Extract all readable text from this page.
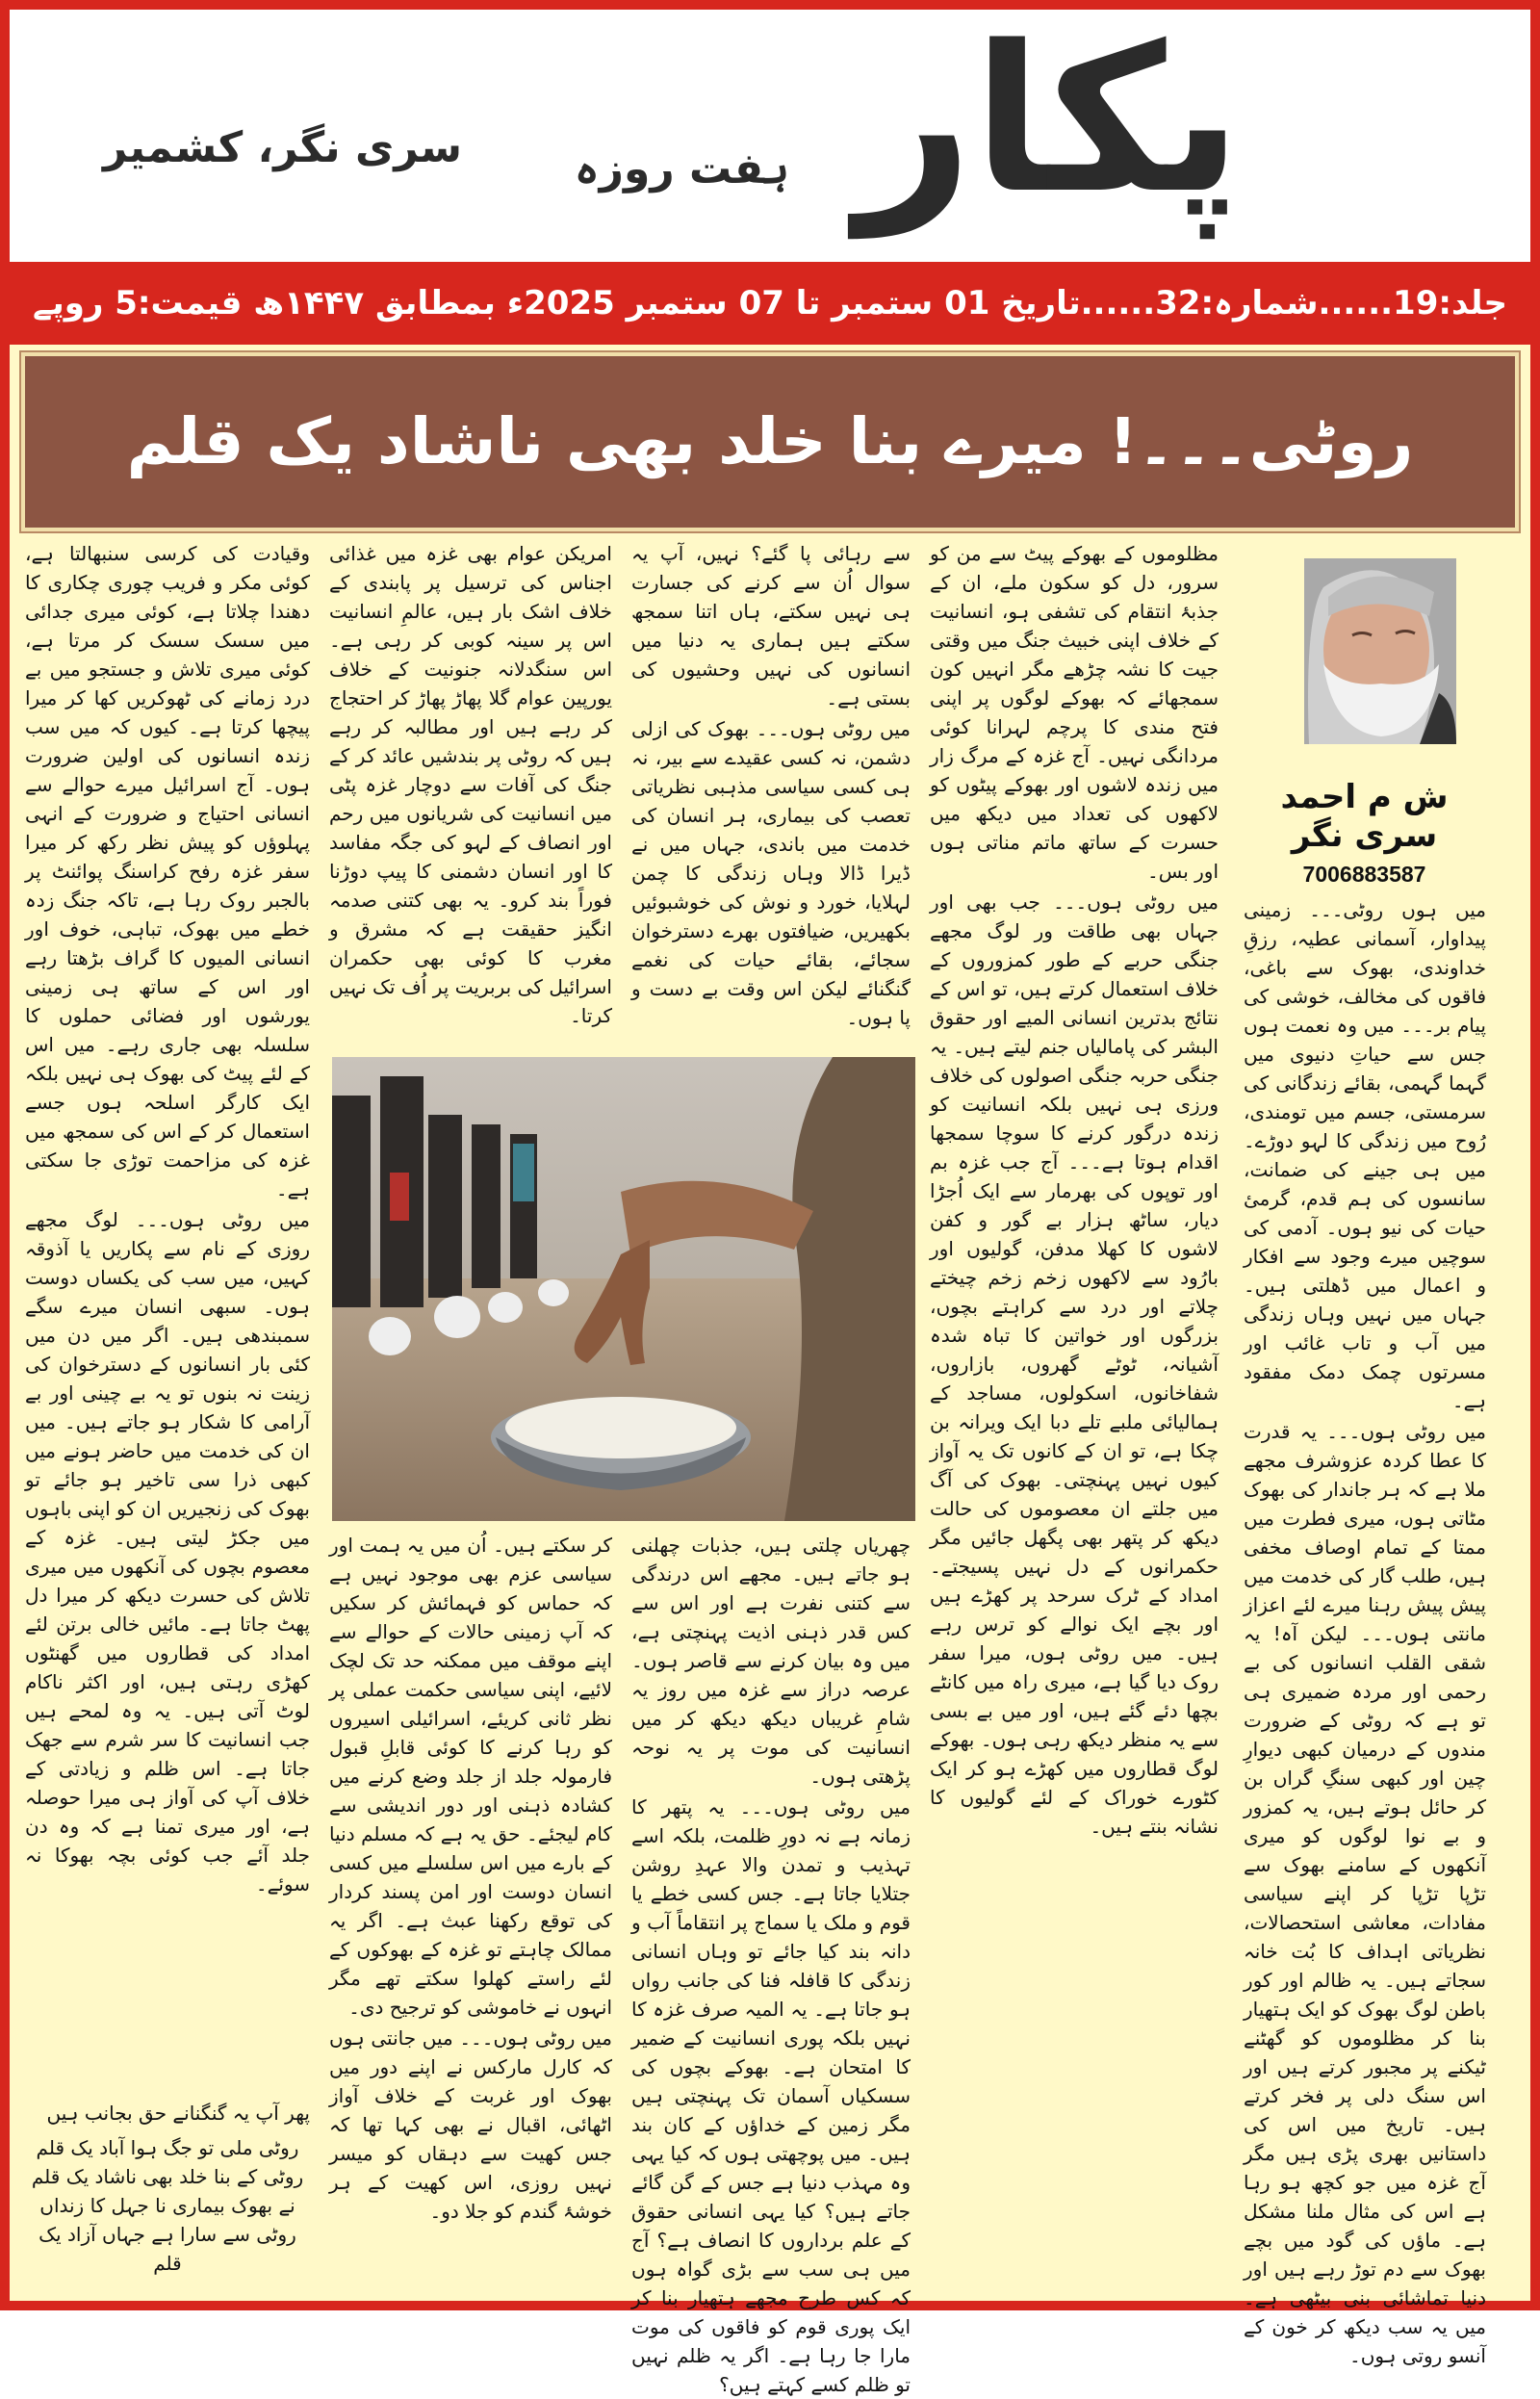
پکار
ہفت روزہ
سری نگر، کشمیر
جلد:19......شمارہ:32......تاریخ 01 ستمبر تا 07 ستمبر 2025ء بمطابق ۱۴۴۷ھ قیمت:5 روپے
روٹی۔۔۔! میرے بنا خلد بھی ناشاد یک قلم
ش م احمد سری نگر
7006883587

میں ہوں روٹی۔۔۔ زمینی پیداوار، آسمانی عطیہ، رزقِ خداوندی، بھوک سے باغی، فاقوں کی مخالف، خوشی کی پیام بر۔۔۔ میں وہ نعمت ہوں جس سے حیاتِ دنیوی میں گہما گہمی، بقائے زندگانی کی سرمستی، جسم میں تومندی، رُوح میں زندگی کا لہو دوڑے۔ میں ہی جینے کی ضمانت، سانسوں کی ہم قدم، گرمیٔ حیات کی نیو ہوں۔ آدمی کی سوچیں میرے وجود سے افکار و اعمال میں ڈھلتی ہیں۔ جہاں میں نہیں وہاں زندگی میں آب و تاب غائب اور مسرتوں چمک دمک مفقود ہے۔

میں روٹی ہوں۔۔۔ یہ قدرت کا عطا کردہ عزوشرف مجھے ملا ہے کہ ہر جاندار کی بھوک مٹاتی ہوں، میری فطرت میں ممتا کے تمام اوصاف مخفی ہیں، طلب گار کی خدمت میں پیش پیش رہنا میرے لئے اعزاز مانتی ہوں۔۔۔ لیکن آہ! یہ شقی القلب انسانوں کی بے رحمی اور مردہ ضمیری ہی تو ہے کہ روٹی کے ضرورت مندوں کے درمیان کبھی دیوارِ چین اور کبھی سنگِ گراں بن کر حائل ہوتے ہیں، یہ کمزور و بے نوا لوگوں کو میری آنکھوں کے سامنے بھوک سے تڑپا تڑپا کر اپنے سیاسی مفادات، معاشی استحصالات، نظریاتی اہداف کا بُت خانہ سجاتے ہیں۔ یہ ظالم اور کور باطن لوگ بھوک کو ایک ہتھیار بنا کر مظلوموں کو گھٹنے ٹیکنے پر مجبور کرتے ہیں اور اس سنگ دلی پر فخر کرتے ہیں۔ تاریخ میں اس کی داستانیں بھری پڑی ہیں مگر آج غزہ میں جو کچھ ہو رہا ہے اس کی مثال ملنا مشکل ہے۔ ماؤں کی گود میں بچے بھوک سے دم توڑ رہے ہیں اور دنیا تماشائی بنی بیٹھی ہے۔ میں یہ سب دیکھ کر خون کے آنسو روتی ہوں۔

مظلوموں کے بھوکے پیٹ سے من کو سرور، دل کو سکون ملے، ان کے جذبۂ انتقام کی تشفی ہو، انسانیت کے خلاف اپنی خبیث جنگ میں وقتی جیت کا نشہ چڑھے مگر انہیں کون سمجھائے کہ بھوکے لوگوں پر اپنی فتح مندی کا پرچم لہرانا کوئی مردانگی نہیں۔ آج غزہ کے مرگ زار میں زندہ لاشوں اور بھوکے پیٹوں کو لاکھوں کی تعداد میں دیکھ میں حسرت کے ساتھ ماتم مناتی ہوں اور بس۔

میں روٹی ہوں۔۔۔ جب بھی اور جہاں بھی طاقت ور لوگ مجھے جنگی حربے کے طور کمزوروں کے خلاف استعمال کرتے ہیں، تو اس کے نتائج بدترین انسانی المیے اور حقوق البشر کی پامالیاں جنم لیتے ہیں۔ یہ جنگی حربہ جنگی اصولوں کی خلاف ورزی ہی نہیں بلکہ انسانیت کو زندہ درگور کرنے کا سوچا سمجھا اقدام ہوتا ہے۔۔۔ آج جب غزہ بم اور توپوں کی بھرمار سے ایک اُجڑا دیار، ساٹھ ہزار بے گور و کفن لاشوں کا کھلا مدفن، گولیوں اور بارُود سے لاکھوں زخم زخم چیختے چلاتے اور درد سے کراہتے بچوں، بزرگوں اور خواتین کا تباہ شدہ آشیانہ، ٹوٹے گھروں، بازاروں، شفاخانوں، اسکولوں، مساجد کے ہمالیائی ملبے تلے دبا ایک ویرانہ بن چکا ہے، تو ان کے کانوں تک یہ آواز کیوں نہیں پہنچتی۔ بھوک کی آگ میں جلتے ان معصوموں کی حالت دیکھ کر پتھر بھی پگھل جائیں مگر حکمرانوں کے دل نہیں پسیجتے۔ امداد کے ٹرک سرحد پر کھڑے ہیں اور بچے ایک نوالے کو ترس رہے ہیں۔ میں روٹی ہوں، میرا سفر روک دیا گیا ہے، میری راہ میں کانٹے بچھا دئے گئے ہیں، اور میں بے بسی سے یہ منظر دیکھ رہی ہوں۔ بھوکے لوگ قطاروں میں کھڑے ہو کر ایک کٹورے خوراک کے لئے گولیوں کا نشانہ بنتے ہیں۔

سے رہائی پا گئے؟ نہیں، آپ یہ سوال اُن سے کرنے کی جسارت ہی نہیں سکتے، ہاں اتنا سمجھ سکتے ہیں ہماری یہ دنیا میں انسانوں کی نہیں وحشیوں کی بستی ہے۔

میں روٹی ہوں۔۔۔ بھوک کی ازلی دشمن، نہ کسی عقیدے سے بیر، نہ ہی کسی سیاسی مذہبی نظریاتی تعصب کی بیماری، ہر انسان کی خدمت میں باندی، جہاں میں نے ڈیرا ڈالا وہاں زندگی کا چمن لہلایا، خورد و نوش کی خوشبوئیں بکھیریں، ضیافتوں بھرے دسترخوان سجائے، بقائے حیات کی نغمے گنگنائے لیکن اس وقت بے دست و پا ہوں۔

امریکن عوام بھی غزہ میں غذائی اجناس کی ترسیل پر پابندی کے خلاف اشک بار ہیں، عالمِ انسانیت اس پر سینہ کوبی کر رہی ہے۔ اس سنگدلانہ جنونیت کے خلاف یورپین عوام گلا پھاڑ پھاڑ کر احتجاج کر رہے ہیں اور مطالبہ کر رہے ہیں کہ روٹی پر بندشیں عائد کر کے جنگ کی آفات سے دوچار غزہ پٹی میں انسانیت کی شریانوں میں رحم اور انصاف کے لہو کی جگہ مفاسد کا اور انسان دشمنی کا پیپ دوڑنا فوراً بند کرو۔ یہ بھی کتنی صدمہ انگیز حقیقت ہے کہ مشرق و مغرب کا کوئی بھی حکمران اسرائیل کی بربریت پر اُف تک نہیں کرتا۔

چھریاں چلتی ہیں، جذبات چھلنی ہو جاتے ہیں۔ مجھے اس درندگی سے کتنی نفرت ہے اور اس سے کس قدر ذہنی اذیت پہنچتی ہے، میں وہ بیان کرنے سے قاصر ہوں۔ عرصہ دراز سے غزہ میں روز یہ شامِ غریباں دیکھ دیکھ کر میں انسانیت کی موت پر یہ نوحہ پڑھتی ہوں۔

میں روٹی ہوں۔۔۔ یہ پتھر کا زمانہ ہے نہ دورِ ظلمت، بلکہ اسے تہذیب و تمدن والا عہدِ روشن جتلایا جاتا ہے۔ جس کسی خطے یا قوم و ملک یا سماج پر انتقاماً آب و دانہ بند کیا جائے تو وہاں انسانی زندگی کا قافلہ فنا کی جانب رواں ہو جاتا ہے۔ یہ المیہ صرف غزہ کا نہیں بلکہ پوری انسانیت کے ضمیر کا امتحان ہے۔ بھوکے بچوں کی سسکیاں آسمان تک پہنچتی ہیں مگر زمین کے خداؤں کے کان بند ہیں۔ میں پوچھتی ہوں کہ کیا یہی وہ مہذب دنیا ہے جس کے گن گائے جاتے ہیں؟ کیا یہی انسانی حقوق کے علم برداروں کا انصاف ہے؟ آج میں ہی سب سے بڑی گواہ ہوں کہ کس طرح مجھے ہتھیار بنا کر ایک پوری قوم کو فاقوں کی موت مارا جا رہا ہے۔ اگر یہ ظلم نہیں تو ظلم کسے کہتے ہیں؟

کر سکتے ہیں۔ اُن میں یہ ہمت اور سیاسی عزم بھی موجود نہیں ہے کہ حماس کو فہمائش کر سکیں کہ آپ زمینی حالات کے حوالے سے اپنے موقف میں ممکنہ حد تک لچک لائیے، اپنی سیاسی حکمت عملی پر نظر ثانی کریئے، اسرائیلی اسیروں کو رہا کرنے کا کوئی قابلِ قبول فارمولہ جلد از جلد وضع کرنے میں کشادہ ذہنی اور دور اندیشی سے کام لیجئے۔ حق یہ ہے کہ مسلم دنیا کے بارے میں اس سلسلے میں کسی انسان دوست اور امن پسند کردار کی توقع رکھنا عبث ہے۔ اگر یہ ممالک چاہتے تو غزہ کے بھوکوں کے لئے راستے کھلوا سکتے تھے مگر انہوں نے خاموشی کو ترجیح دی۔

میں روٹی ہوں۔۔۔ میں جانتی ہوں کہ کارل مارکس نے اپنے دور میں بھوک اور غربت کے خلاف آواز اٹھائی، اقبال نے بھی کہا تھا کہ جس کھیت سے دہقاں کو میسر نہیں روزی، اس کھیت کے ہر خوشۂ گندم کو جلا دو۔

وقیادت کی کرسی سنبھالتا ہے، کوئی مکر و فریب چوری چکاری کا دھندا چلاتا ہے، کوئی میری جدائی میں سسک سسک کر مرتا ہے، کوئی میری تلاش و جستجو میں بے درد زمانے کی ٹھوکریں کھا کر میرا پیچھا کرتا ہے۔ کیوں کہ میں سب زندہ انسانوں کی اولین ضرورت ہوں۔ آج اسرائیل میرے حوالے سے انسانی احتیاج و ضرورت کے انہی پہلوؤں کو پیش نظر رکھ کر میرا سفر غزہ رفح کراسنگ پوائنٹ پر بالجبر روک رہا ہے، تاکہ جنگ زدہ خطے میں بھوک، تباہی، خوف اور انسانی المیوں کا گراف بڑھتا رہے اور اس کے ساتھ ہی زمینی یورشوں اور فضائی حملوں کا سلسلہ بھی جاری رہے۔ میں اس کے لئے پیٹ کی بھوک ہی نہیں بلکہ ایک کارگر اسلحہ ہوں جسے استعمال کر کے اس کی سمجھ میں غزہ کی مزاحمت توڑی جا سکتی ہے۔

میں روٹی ہوں۔۔۔ لوگ مجھے روزی کے نام سے پکاریں یا آذوقہ کہیں، میں سب کی یکساں دوست ہوں۔ سبھی انسان میرے سگے سمبندھی ہیں۔ اگر میں دن میں کئی بار انسانوں کے دسترخوان کی زینت نہ بنوں تو یہ بے چینی اور بے آرامی کا شکار ہو جاتے ہیں۔ میں ان کی خدمت میں حاضر ہونے میں کبھی ذرا سی تاخیر ہو جائے تو بھوک کی زنجیریں ان کو اپنی باہوں میں جکڑ لیتی ہیں۔ غزہ کے معصوم بچوں کی آنکھوں میں میری تلاش کی حسرت دیکھ کر میرا دل پھٹ جاتا ہے۔ مائیں خالی برتن لئے امداد کی قطاروں میں گھنٹوں کھڑی رہتی ہیں، اور اکثر ناکام لوٹ آتی ہیں۔ یہ وہ لمحے ہیں جب انسانیت کا سر شرم سے جھک جاتا ہے۔ اس ظلم و زیادتی کے خلاف آپ کی آواز ہی میرا حوصلہ ہے، اور میری تمنا ہے کہ وہ دن جلد آئے جب کوئی بچہ بھوکا نہ سوئے۔

پھر آپ یہ گنگنانے حق بجانب ہیں

روٹی ملی تو جگ ہوا آباد یک قلم
روٹی کے بنا خلد بھی ناشاد یک قلم
نے بھوک بیماری نا جہل کا زنداں
روٹی سے سارا ہے جہاں آزاد یک قلم
